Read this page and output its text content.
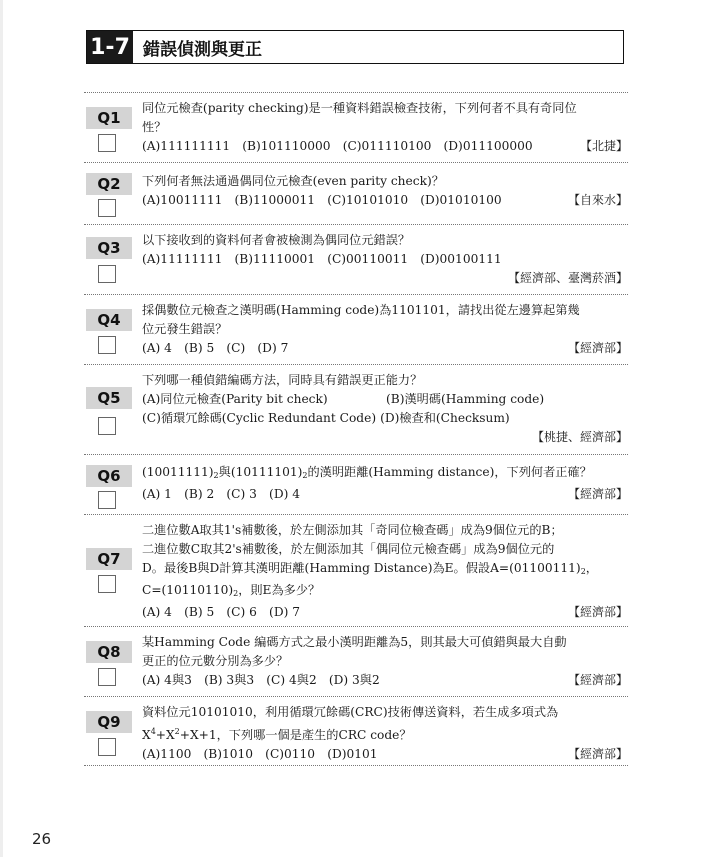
1-7 錯誤偵測與更正
Q1
同位元檢查(parity checking)是一種資料錯誤檢查技術，下列何者不具有奇同位
性？
(A)111111111　(B)101110000　(C)011110100　(D)011100000	【北捷】
Q2	下列何者無法通過偶同位元檢查(even parity check)？
(A)10011111　(B)11000011　(C)10101010　(D)01010100	【自來水】
Q3	以下接收到的資料何者會被檢測為偶同位元錯誤？
(A)11111111　(B)11110001　(C)00110011　(D)00100111
【經濟部、臺灣菸酒】
Q4
採偶數位元檢查之漢明碼(Hamming code)為1101101，請找出從左邊算起第幾
位元發生錯誤？
(A) 4　(B) 5　(C)　(D) 7	【經濟部】
Q5
下列哪一種偵錯編碼方法，同時具有錯誤更正能力？
(A)同位元檢查(Parity bit check)	(B)漢明碼(Hamming code)
(C)循環冗餘碼(Cyclic Redundant Code) (D)檢查和(Checksum)
【桃捷、經濟部】
Q6	$(10011111)_2$與$(10111101)_2$的漢明距離(Hamming distance)，下列何者正確？
(A) 1　(B) 2　(C) 3　(D) 4	【經濟部】
Q7
二進位數A取其1's補數後，於左側添加其「奇同位檢查碼」成為9個位元的B；
二進位數C取其2's補數後，於左側添加其「偶同位元檢查碼」成為9個位元的
D。最後B與D計算其漢明距離(Hamming Distance)為E。假設$A=(01100111)_2$，
$C=(10110110)_2$，則E為多少？
(A) 4　(B) 5　(C) 6　(D) 7	【經濟部】
Q8
某Hamming Code 編碼方式之最小漢明距離為5，則其最大可偵錯與最大自動
更正的位元數分別為多少？
(A) 4與3　(B) 3與3　(C) 4與2　(D) 3與2	【經濟部】
Q9
資料位元10101010，利用循環冗餘碼(CRC)技術傳送資料，若生成多項式為
$X^4+X^2+X+1$，下列哪一個是產生的CRC code？
(A)1100　(B)1010　(C)0110　(D)0101	【經濟部】
26
